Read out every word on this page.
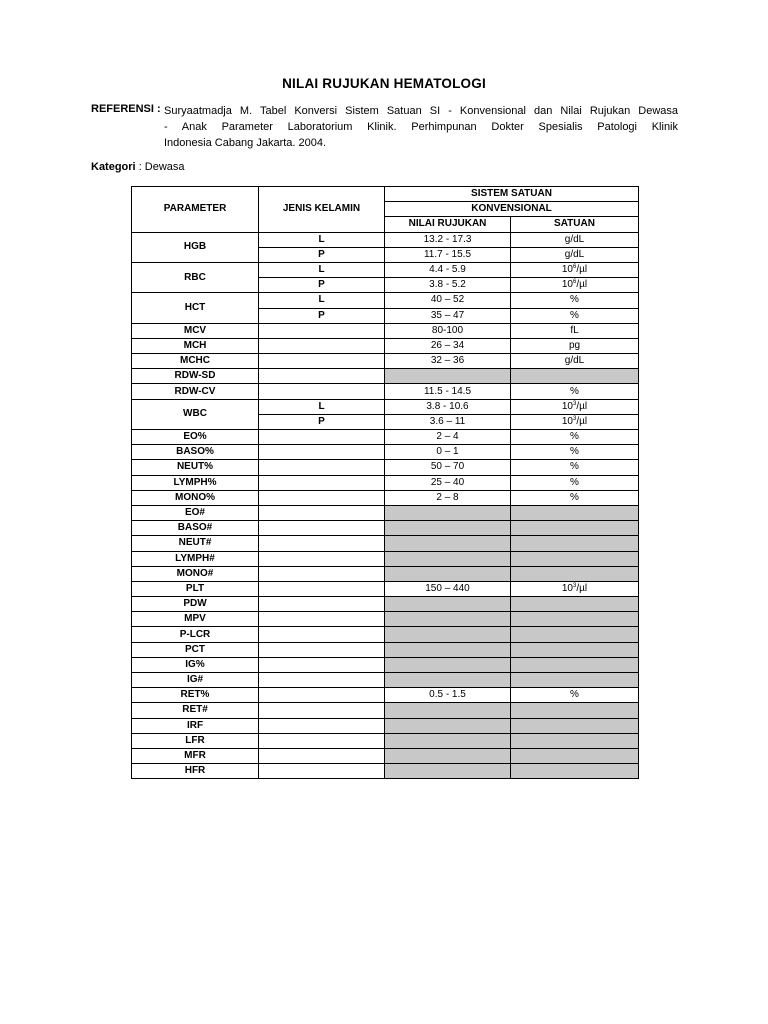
NILAI RUJUKAN HEMATOLOGI
REFERENSI : Suryaatmadja M. Tabel Konversi Sistem Satuan SI - Konvensional dan Nilai Rujukan Dewasa
- Anak Parameter Laboratorium Klinik. Perhimpunan Dokter Spesialis Patologi Klinik
Indonesia Cabang Jakarta. 2004.
Kategori : Dewasa
PARAMETER	JENIS KELAMIN	SISTEM SATUAN	
		KONVENSIONAL	
		NILAI RUJUKAN	SATUAN
HGB	L	13.2 - 17.3	g/dL
	P	11.7 - 15.5	g/dL
RBC	L	4.4 - 5.9	$10^6/\mu l$
	P	3.8 - 5.2	$10^6/\mu l$
HCT	L	40 – 52	%
	P	35 – 47	%
MCV		80-100	fL
MCH		26 – 34	pg
MCHC		32 – 36	g/dL
RDW-SD			
RDW-CV		11.5 - 14.5	%
WBC	L	3.8 - 10.6	$10^3/\mu l$
	P	3.6 – 11	$10^3/\mu l$
EO%		2 – 4	%
BASO%		0 – 1	%
NEUT%		50 – 70	%
LYMPH%		25 – 40	%
MONO%		2 – 8	%
EO#			
BASO#			
NEUT#			
LYMPH#			
MONO#			
PLT		150 – 440	$10^3/\mu l$
PDW			
MPV			
P-LCR			
PCT			
IG%			
IG#			
RET%		0.5 - 1.5	%
RET#			
IRF			
LFR			
MFR			
HFR			
